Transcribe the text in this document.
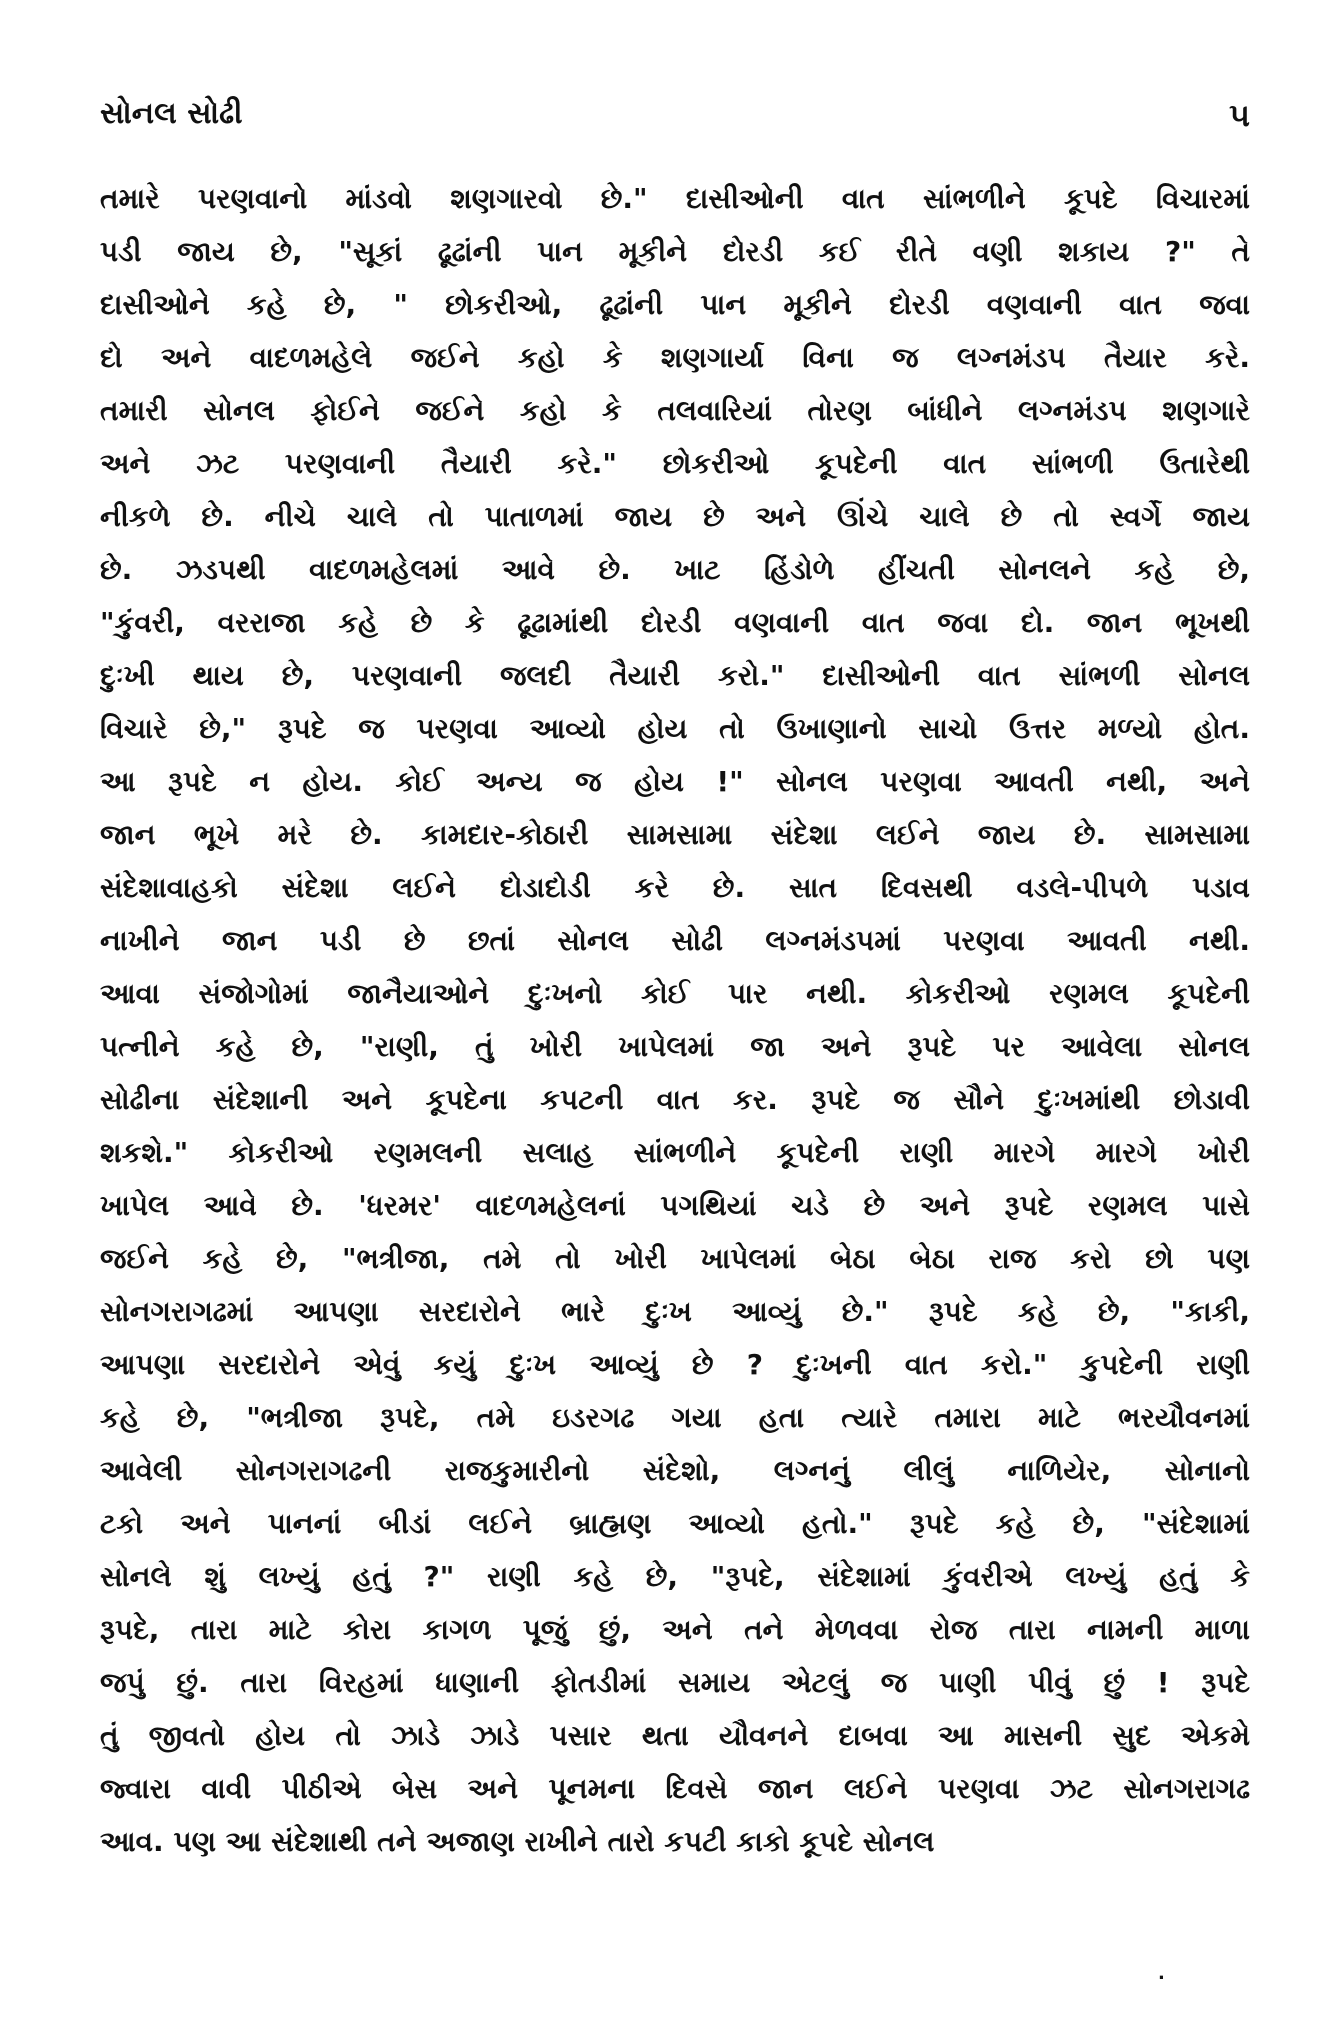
સોનલ સોઢી	૫
તમારે પરણવાનો માંડવો શણગારવો છે." દાસીઓની વાત સાંભળીને કૂપદે વિચારમાં
પડી જાય છે, "સૂકાં ઢૂઢાંની પાન મૂકીને દોરડી કઈ રીતે વણી શકાય ?" તે
દાસીઓને કહે છે, " છોકરીઓ, ઢૂઢાંની પાન મૂકીને દોરડી વણવાની વાત જવા
દો અને વાદળમહેલે જઈને કહો કે શણગાર્યા વિના જ લગ્નમંડપ તૈયાર કરે.
તમારી સોનલ ફોઈને જઈને કહો કે તલવારિયાં તોરણ બાંધીને લગ્નમંડપ શણગારે
અને ઝટ પરણવાની તૈયારી કરે." છોકરીઓ કૂપદેની વાત સાંભળી ઉતારેથી
નીકળે છે. નીચે ચાલે તો પાતાળમાં જાય છે અને ઊંચે ચાલે છે તો સ્વર્ગે જાય
છે. ઝડપથી વાદળમહેલમાં આવે છે. ખાટ હિંડોળે હીંચતી સોનલને કહે છે,
"કુંવરી, વરરાજા કહે છે કે ઢૂઢામાંથી દોરડી વણવાની વાત જવા દો. જાન ભૂખથી
દુઃખી થાય છે, પરણવાની જલદી તૈયારી કરો." દાસીઓની વાત સાંભળી સોનલ
વિચારે છે," રૂપદે જ પરણવા આવ્યો હોય તો ઉખાણાનો સાચો ઉત્તર મળ્યો હોત.
આ રૂપદે ન હોય. કોઈ અન્ય જ હોય !" સોનલ પરણવા આવતી નથી, અને
જાન ભૂખે મરે છે. કામદાર-કોઠારી સામસામા સંદેશા લઈને જાય છે. સામસામા
સંદેશાવાહકો સંદેશા લઈને દોડાદોડી કરે છે. સાત દિવસથી વડલે-પીપળે પડાવ
નાખીને જાન પડી છે છતાં સોનલ સોઢી લગ્નમંડપમાં પરણવા આવતી નથી.
આવા સંજોગોમાં જાનૈયાઓને દુઃખનો કોઈ પાર નથી. કોકરીઓ રણમલ કૂપદેની
પત્નીને કહે છે, "રાણી, તું ખોરી ખાપેલમાં જા અને રૂપદે પર આવેલા સોનલ
સોઢીના સંદેશાની અને કૂપદેના કપટની વાત કર. રૂપદે જ સૌને દુઃખમાંથી છોડાવી
શકશે." કોકરીઓ રણમલની સલાહ સાંભળીને કૂપદેની રાણી મારગે મારગે ખોરી
ખાપેલ આવે છે. 'ધરમર' વાદળમહેલનાં પગથિયાં ચડે છે અને રૂપદે રણમલ પાસે
જઈને કહે છે, "ભત્રીજા, તમે તો ખોરી ખાપેલમાં બેઠા બેઠા રાજ કરો છો પણ
સોનગરાગઢમાં આપણા સરદારોને ભારે દુઃખ આવ્યું છે." રૂપદે કહે છે, "કાકી,
આપણા સરદારોને એવું કયું દુઃખ આવ્યું છે ? દુઃખની વાત કરો." કુપદેની રાણી
કહે છે, "ભત્રીજા રૂપદે, તમે ઇડરગઢ ગયા હતા ત્યારે તમારા માટે ભરયૌવનમાં
આવેલી સોનગરાગઢની રાજકુમારીનો સંદેશો, લગ્નનું લીલું નાળિયેર, સોનાનો
ટકો અને પાનનાં બીડાં લઈને બ્રાહ્મણ આવ્યો હતો." રૂપદે કહે છે, "સંદેશામાં
સોનલે શું લખ્યું હતું ?" રાણી કહે છે, "રૂપદે, સંદેશામાં કુંવરીએ લખ્યું હતું કે
રૂપદે, તારા માટે કોરા કાગળ પૂજું છું, અને તને મેળવવા રોજ તારા નામની માળા
જપું છું. તારા વિરહમાં ધાણાની ફોતડીમાં સમાય એટલું જ પાણી પીવું છું ! રૂપદે
તું જીવતો હોય તો ઝાડે ઝાડે પસાર થતા યૌવનને દાબવા આ માસની સુદ એકમે
જ્વારા વાવી પીઠીએ બેસ અને પૂનમના દિવસે જાન લઈને પરણવા ઝટ સોનગરાગઢ
આવ. પણ આ સંદેશાથી તને અજાણ રાખીને તારો કપટી કાકો કૂપદે સોનલ
.
